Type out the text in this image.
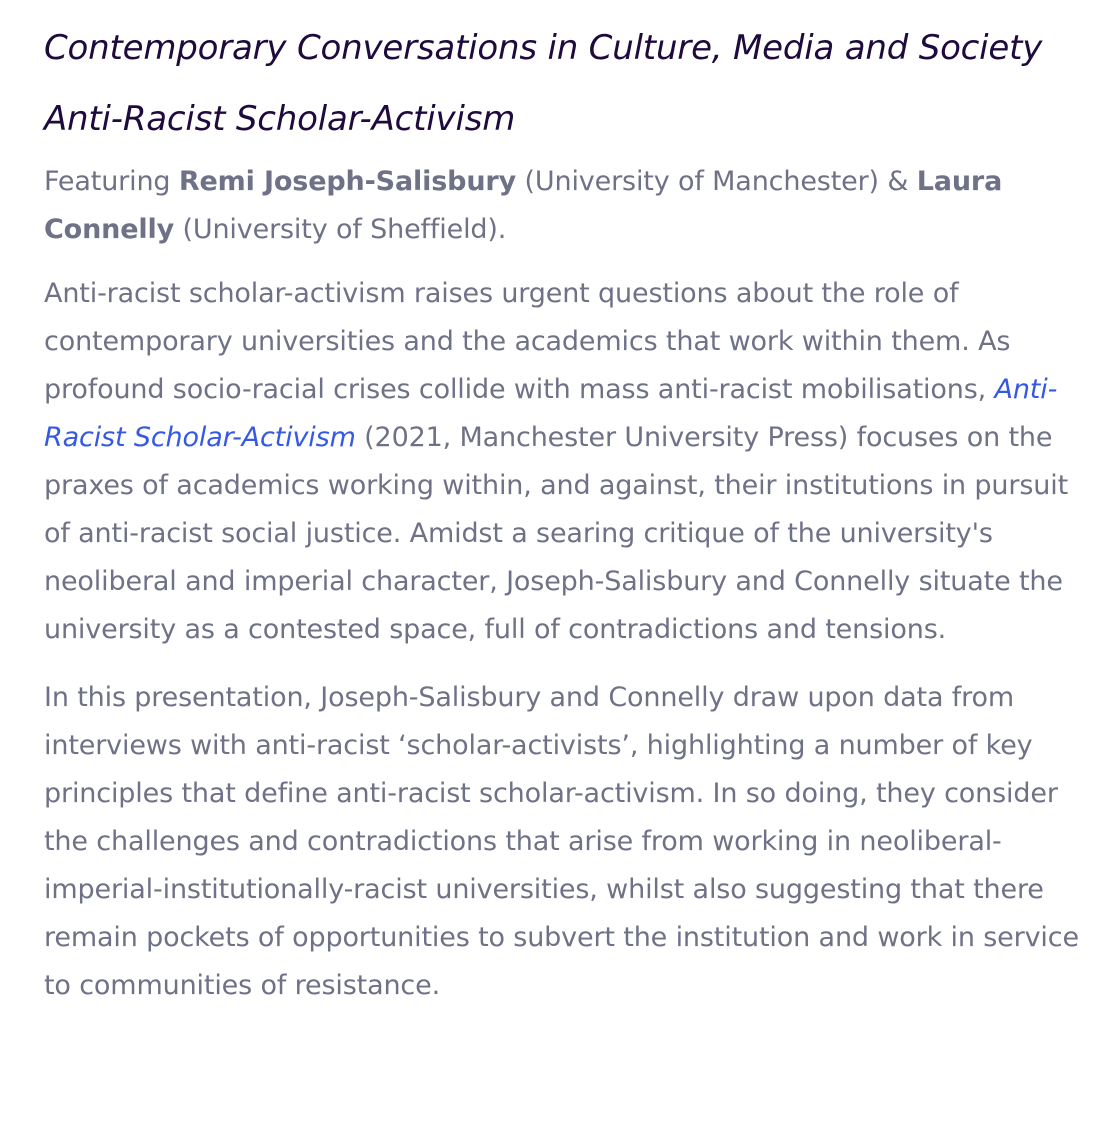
Contemporary Conversations in Culture, Media and Society
Anti-Racist Scholar-Activism

Featuring Remi Joseph-Salisbury (University of Manchester) & Laura Connelly (University of Sheffield).

Anti-racist scholar-activism raises urgent questions about the role of contemporary universities and the academics that work within them. As profound socio-racial crises collide with mass anti-racist mobilisations, Anti-Racist Scholar-Activism (2021, Manchester University Press) focuses on the praxes of academics working within, and against, their institutions in pursuit of anti-racist social justice. Amidst a searing critique of the university's neoliberal and imperial character, Joseph-Salisbury and Connelly situate the university as a contested space, full of contradictions and tensions.

In this presentation, Joseph-Salisbury and Connelly draw upon data from interviews with anti-racist ‘scholar-activists’, highlighting a number of key principles that define anti-racist scholar-activism. In so doing, they consider the challenges and contradictions that arise from working in neoliberal-imperial-institutionally-racist universities, whilst also suggesting that there remain pockets of opportunities to subvert the institution and work in service to communities of resistance.
